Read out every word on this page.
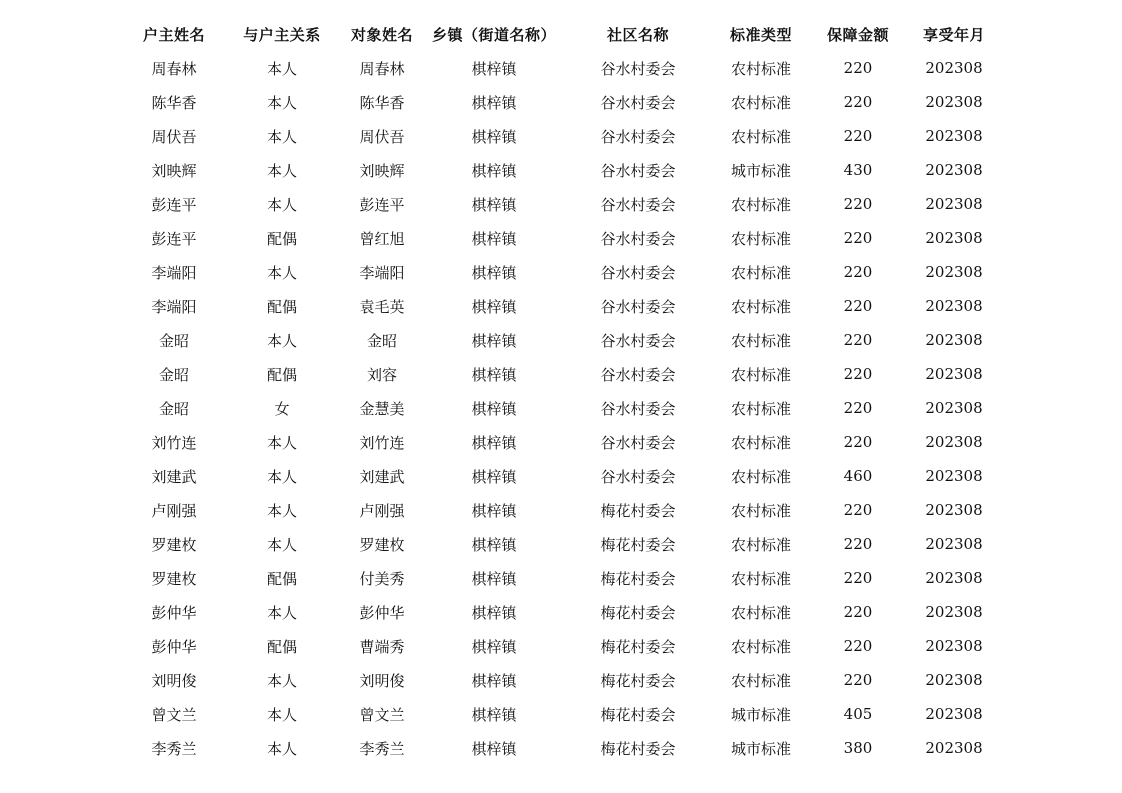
户主姓名	与户主关系	对象姓名	乡镇（街道名称）	社区名称	标准类型	保障金额	享受年月
周春林	本人	周春林	棋梓镇	谷水村委会	农村标准	220	202308
陈华香	本人	陈华香	棋梓镇	谷水村委会	农村标准	220	202308
周伏吾	本人	周伏吾	棋梓镇	谷水村委会	农村标准	220	202308
刘映辉	本人	刘映辉	棋梓镇	谷水村委会	城市标准	430	202308
彭连平	本人	彭连平	棋梓镇	谷水村委会	农村标准	220	202308
彭连平	配偶	曾红旭	棋梓镇	谷水村委会	农村标准	220	202308
李端阳	本人	李端阳	棋梓镇	谷水村委会	农村标准	220	202308
李端阳	配偶	袁毛英	棋梓镇	谷水村委会	农村标准	220	202308
金昭	本人	金昭	棋梓镇	谷水村委会	农村标准	220	202308
金昭	配偶	刘容	棋梓镇	谷水村委会	农村标准	220	202308
金昭	女	金慧美	棋梓镇	谷水村委会	农村标准	220	202308
刘竹连	本人	刘竹连	棋梓镇	谷水村委会	农村标准	220	202308
刘建武	本人	刘建武	棋梓镇	谷水村委会	农村标准	460	202308
卢刚强	本人	卢刚强	棋梓镇	梅花村委会	农村标准	220	202308
罗建枚	本人	罗建枚	棋梓镇	梅花村委会	农村标准	220	202308
罗建枚	配偶	付美秀	棋梓镇	梅花村委会	农村标准	220	202308
彭仲华	本人	彭仲华	棋梓镇	梅花村委会	农村标准	220	202308
彭仲华	配偶	曹端秀	棋梓镇	梅花村委会	农村标准	220	202308
刘明俊	本人	刘明俊	棋梓镇	梅花村委会	农村标准	220	202308
曾文兰	本人	曾文兰	棋梓镇	梅花村委会	城市标准	405	202308
李秀兰	本人	李秀兰	棋梓镇	梅花村委会	城市标准	380	202308
